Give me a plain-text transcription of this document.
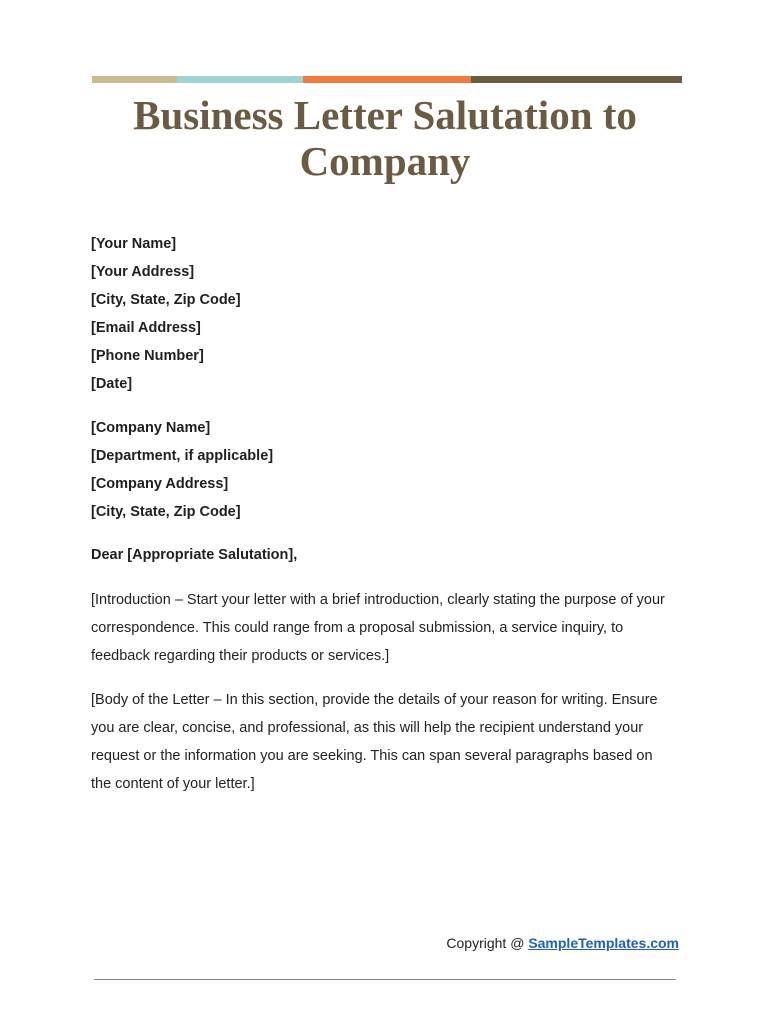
Business Letter Salutation to Company
[Your Name]
[Your Address]
[City, State, Zip Code]
[Email Address]
[Phone Number]
[Date]
[Company Name]
[Department, if applicable]
[Company Address]
[City, State, Zip Code]
Dear [Appropriate Salutation],

[Introduction – Start your letter with a brief introduction, clearly stating the purpose of your correspondence. This could range from a proposal submission, a service inquiry, to feedback regarding their products or services.]

[Body of the Letter – In this section, provide the details of your reason for writing. Ensure you are clear, concise, and professional, as this will help the recipient understand your request or the information you are seeking. This can span several paragraphs based on the content of your letter.]

Copyright @ SampleTemplates.com
